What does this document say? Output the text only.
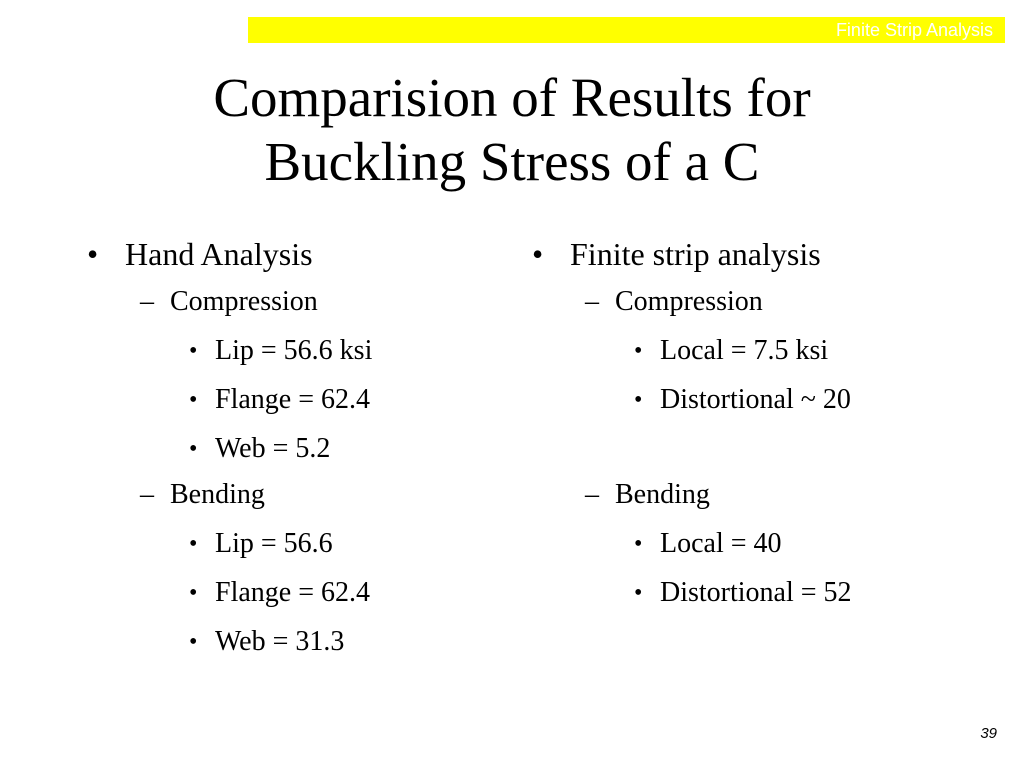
Finite Strip Analysis
Comparision of Results for
Buckling Stress of a C
• Hand Analysis
– Compression
• Lip = 56.6 ksi
• Flange = 62.4
• Web = 5.2
– Bending
• Lip = 56.6
• Flange = 62.4
• Web = 31.3
• Finite strip analysis
– Compression
• Local = 7.5 ksi
• Distortional ~ 20
– Bending
• Local = 40
• Distortional = 52
39
